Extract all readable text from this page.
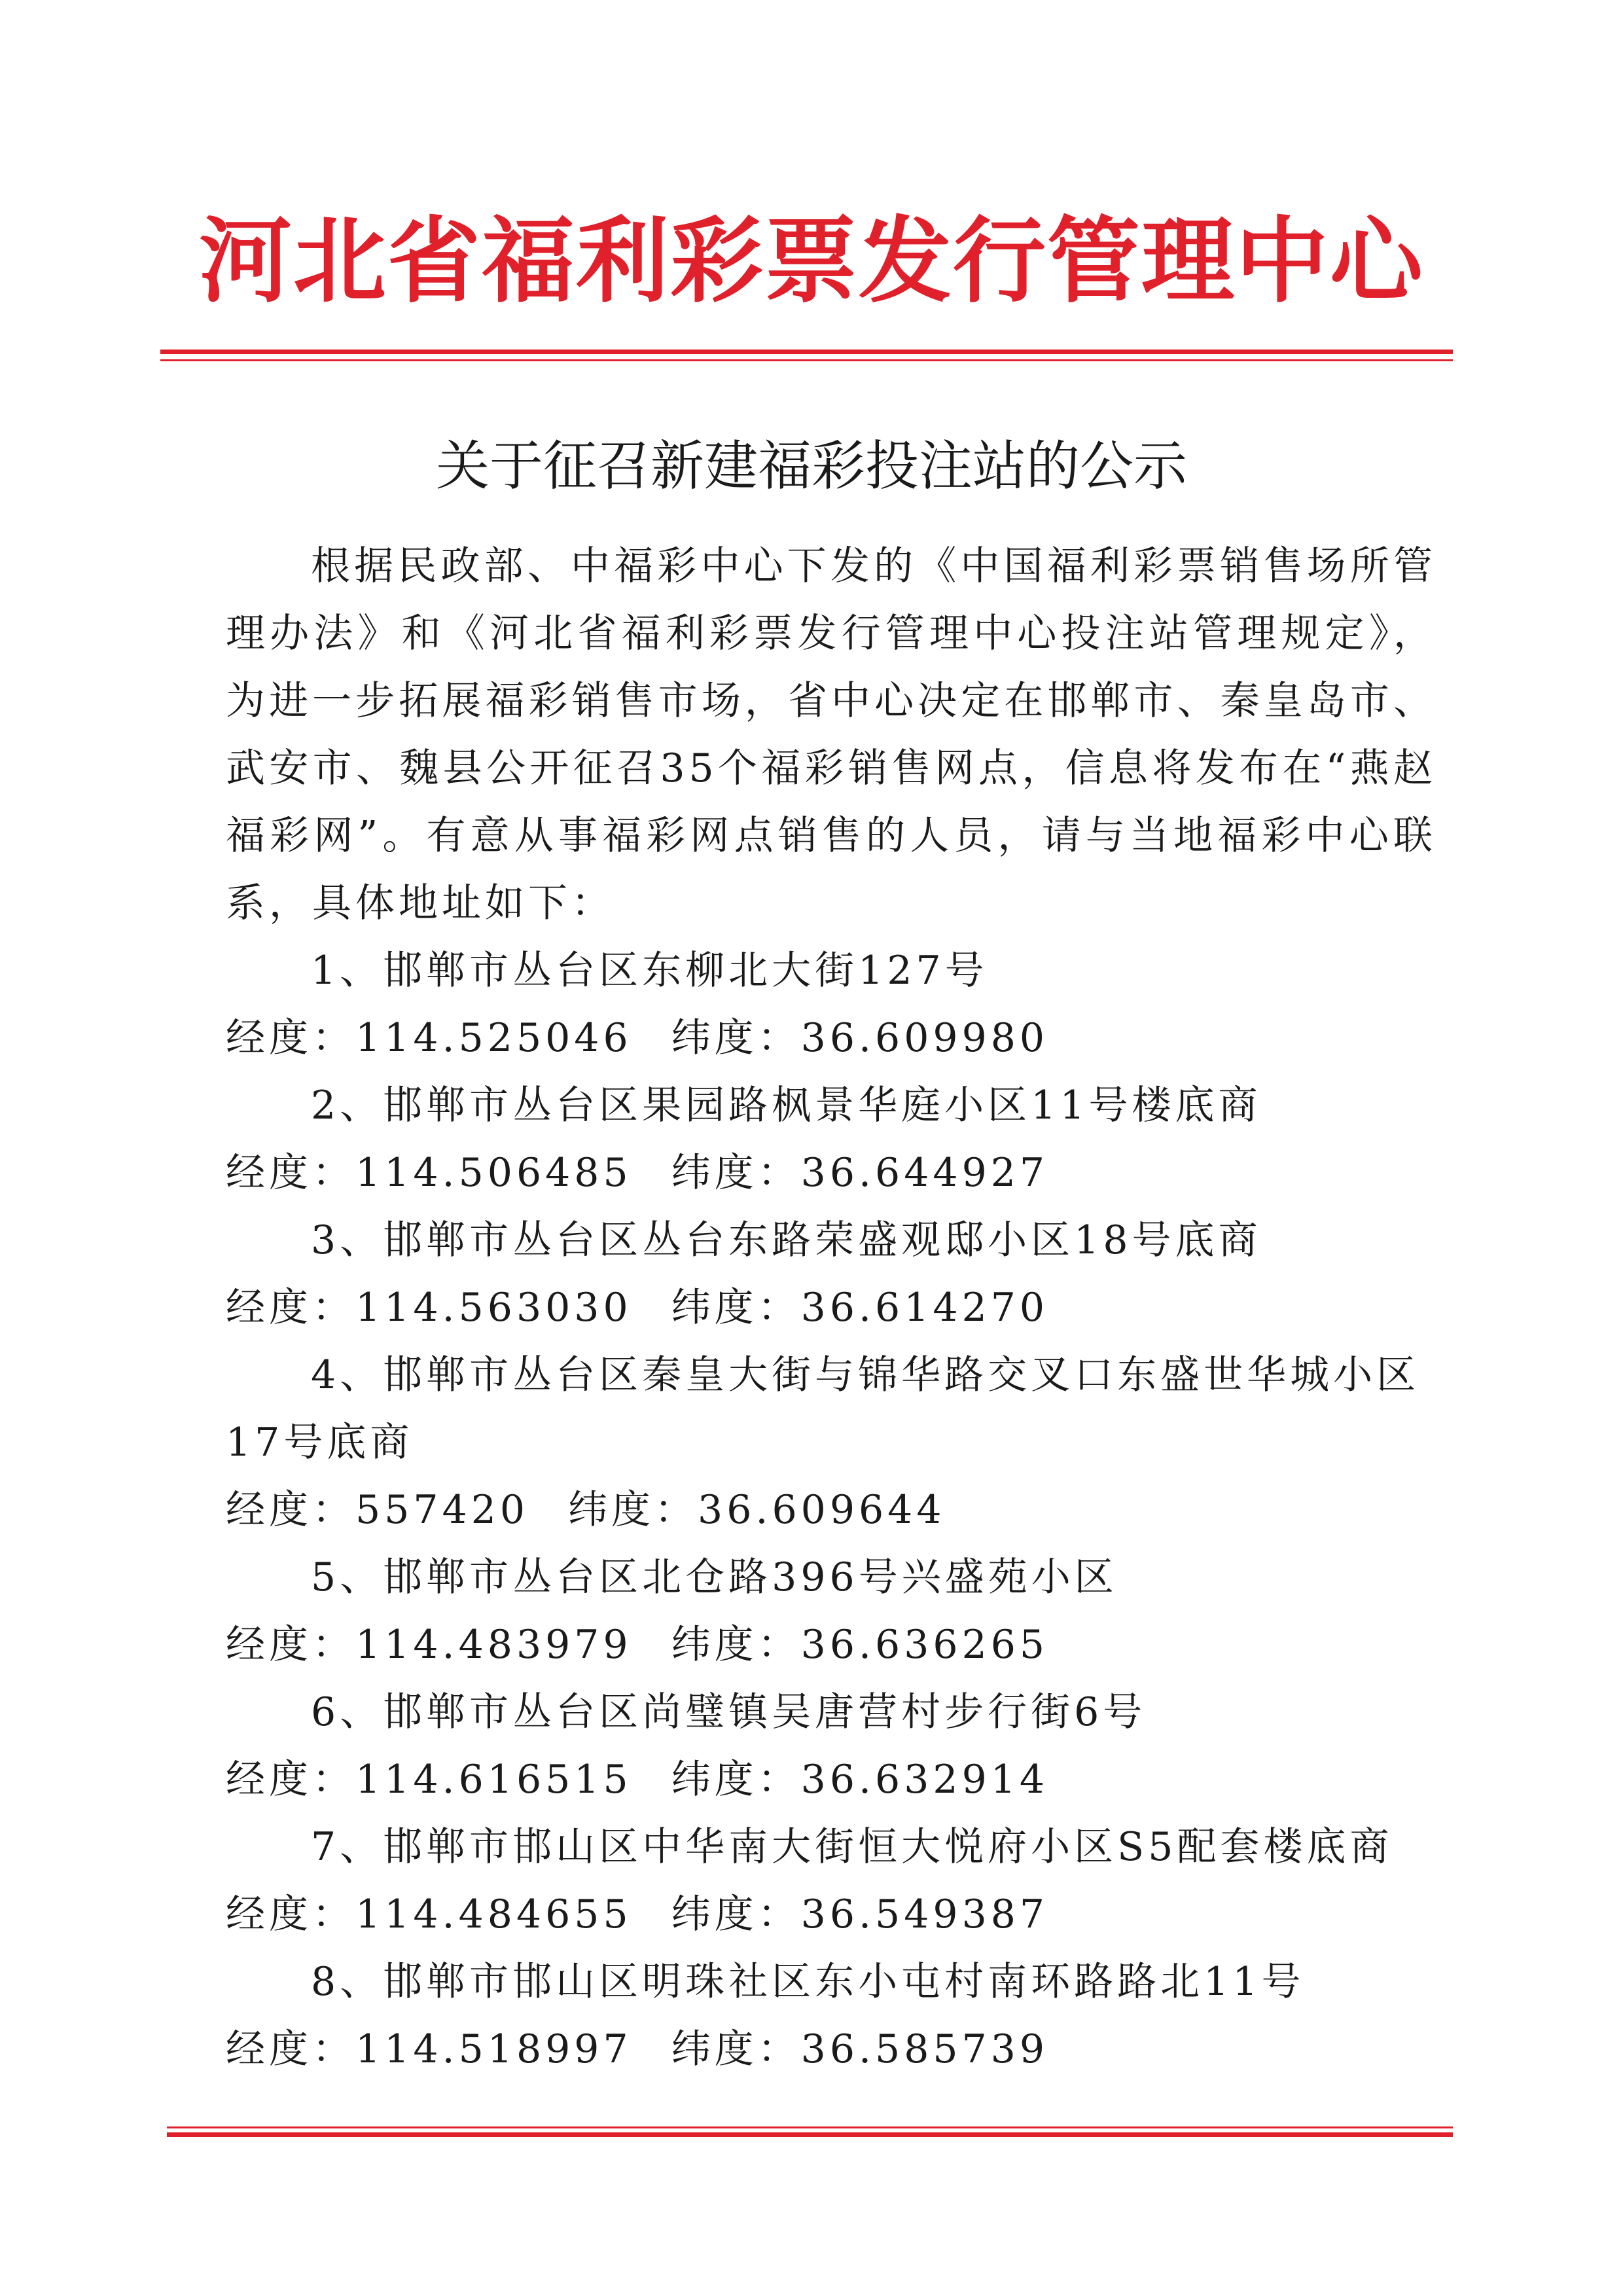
河北省福利彩票发行管理中心
关于征召新建福彩投注站的公示

根据民政部、中福彩中心下发的《中国福利彩票销售场所管理办法》和《河北省福利彩票发行管理中心投注站管理规定》，为进一步拓展福彩销售市场，省中心决定在邯郸市、秦皇岛市、武安市、魏县公开征召35个福彩销售网点，信息将发布在“燕赵福彩网”。有意从事福彩网点销售的人员，请与当地福彩中心联系，具体地址如下：

1、邯郸市丛台区东柳北大街127号

经度：114.525046 纬度：36.609980

2、邯郸市丛台区果园路枫景华庭小区11号楼底商

经度：114.506485 纬度：36.644927

3、邯郸市丛台区丛台东路荣盛观邸小区18号底商

经度：114.563030 纬度：36.614270

4、邯郸市丛台区秦皇大街与锦华路交叉口东盛世华城小区17号底商

经度：557420 纬度：36.609644

5、邯郸市丛台区北仓路396号兴盛苑小区

经度：114.483979 纬度：36.636265

6、邯郸市丛台区尚璧镇吴唐营村步行街6号

经度：114.616515 纬度：36.632914

7、邯郸市邯山区中华南大街恒大悦府小区S5配套楼底商

经度：114.484655 纬度：36.549387

8、邯郸市邯山区明珠社区东小屯村南环路路北11号

经度：114.518997 纬度：36.585739
